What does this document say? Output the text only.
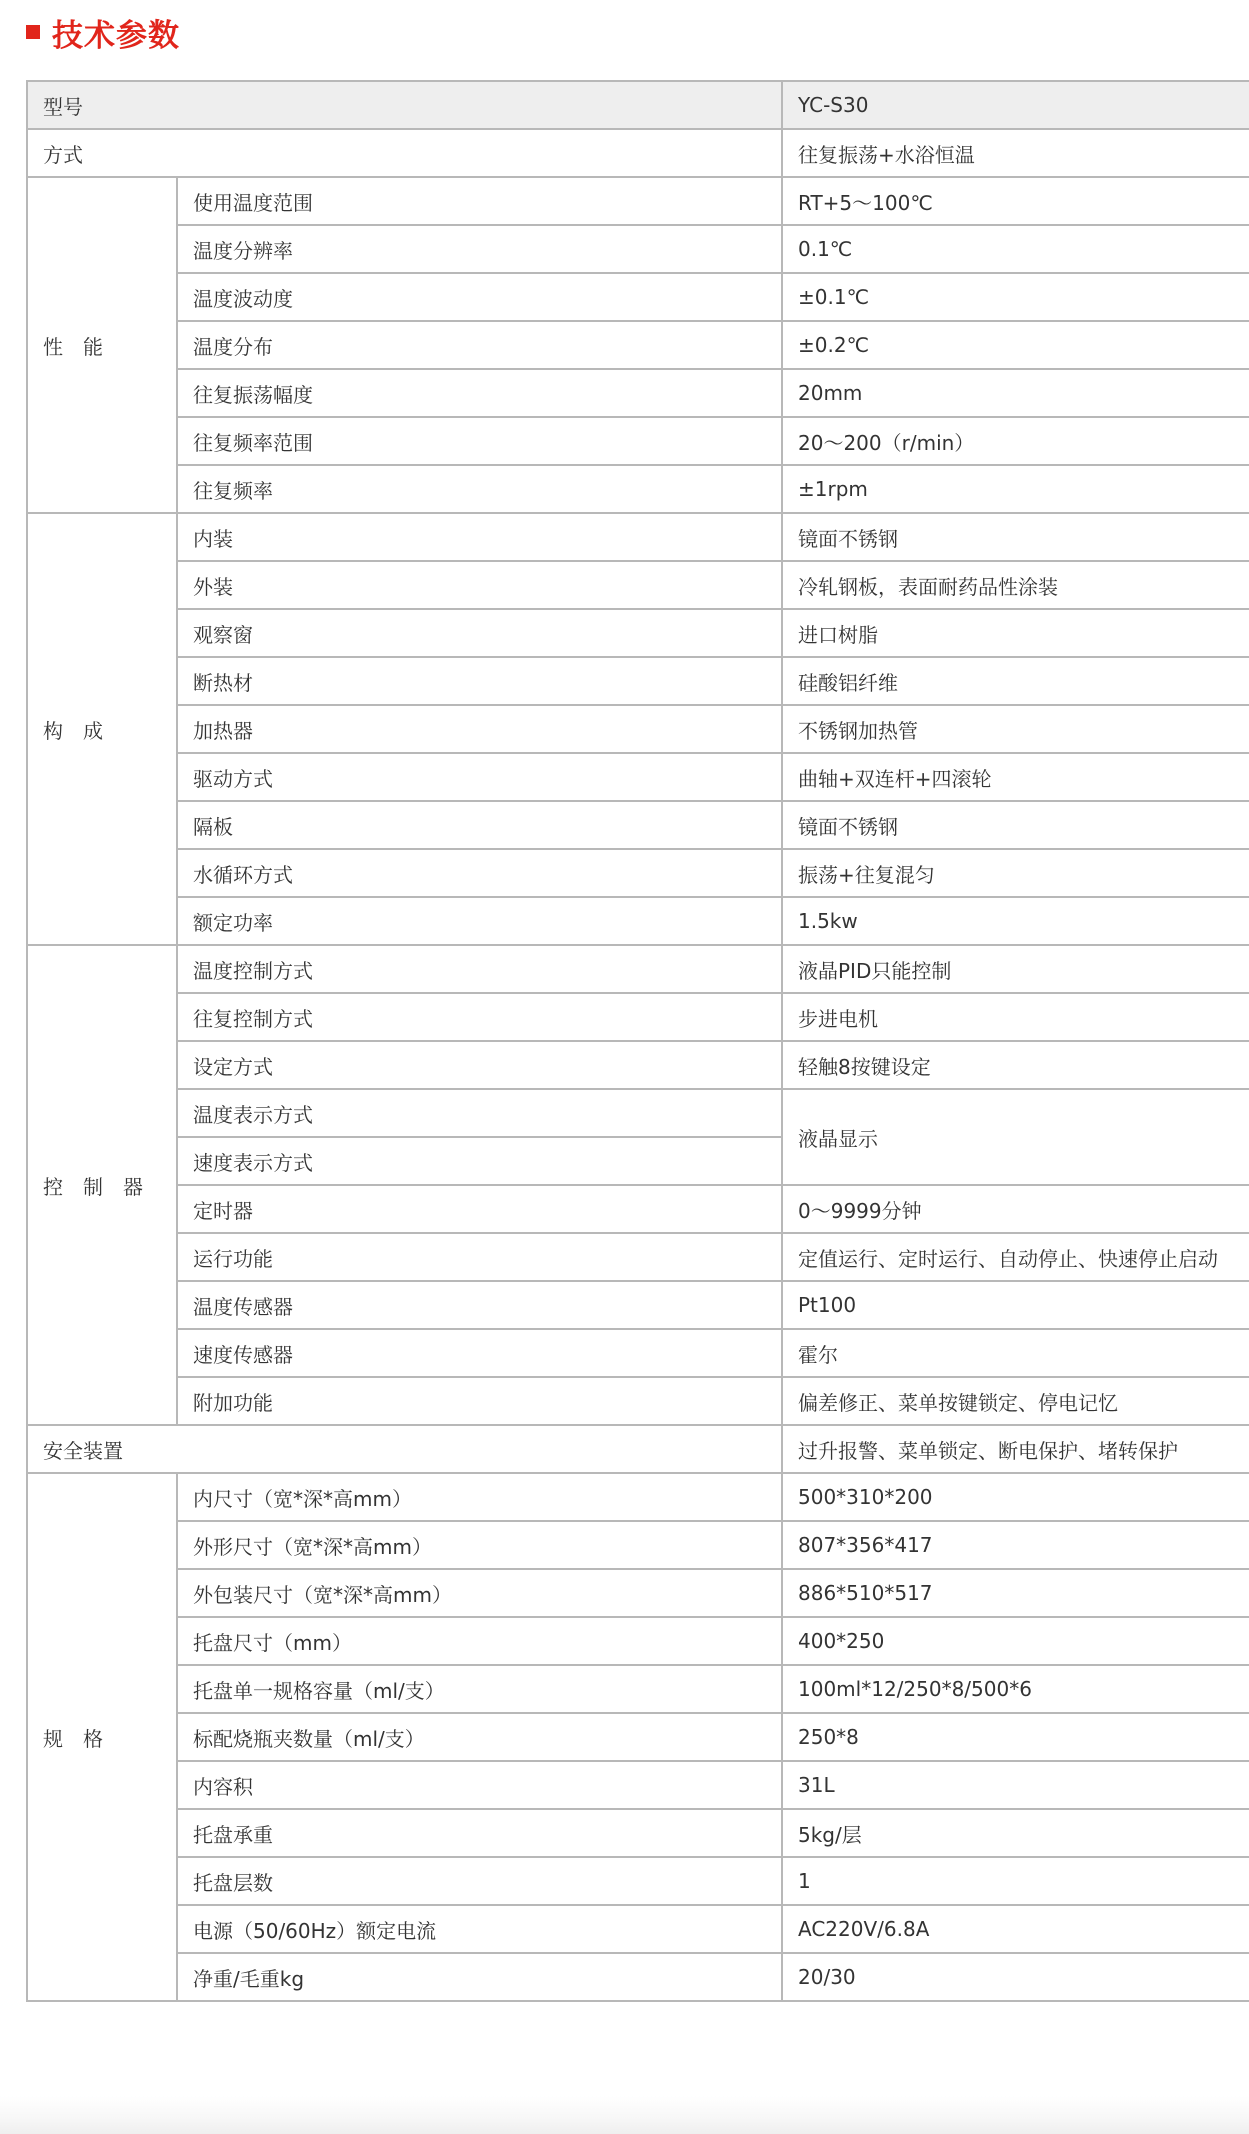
技术参数
型号		YC-S30
方式		往复振荡+水浴恒温
性　能	使用温度范围	RT+5～100℃
	温度分辨率	0.1℃
	温度波动度	±0.1℃
	温度分布	±0.2℃
	往复振荡幅度	20mm
	往复频率范围	20～200（r/min）
	往复频率	±1rpm
构　成	内装	镜面不锈钢
	外装	冷轧钢板，表面耐药品性涂装
	观察窗	进口树脂
	断热材	硅酸铝纤维
	加热器	不锈钢加热管
	驱动方式	曲轴+双连杆+四滚轮
	隔板	镜面不锈钢
	水循环方式	振荡+往复混匀
	额定功率	1.5kw
控　制　器	温度控制方式	液晶PID只能控制
	往复控制方式	步进电机
	设定方式	轻触8按键设定
	温度表示方式	液晶显示
	速度表示方式	
	定时器	0～9999分钟
	运行功能	定值运行、定时运行、自动停止、快速停止启动
	温度传感器	Pt100
	速度传感器	霍尔
	附加功能	偏差修正、菜单按键锁定、停电记忆
安全装置		过升报警、菜单锁定、断电保护、堵转保护
规　格	内尺寸（宽*深*高mm）	500*310*200
	外形尺寸（宽*深*高mm）	807*356*417
	外包装尺寸（宽*深*高mm）	886*510*517
	托盘尺寸（mm）	400*250
	托盘单一规格容量（ml/支）	100ml*12/250*8/500*6
	标配烧瓶夹数量（ml/支）	250*8
	内容积	31L
	托盘承重	5kg/层
	托盘层数	1
	电源（50/60Hz）额定电流	AC220V/6.8A
	净重/毛重kg	20/30
